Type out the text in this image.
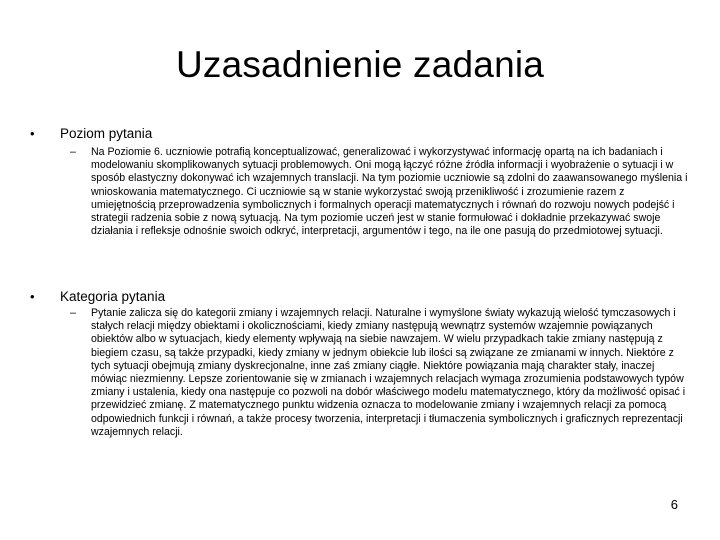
Uzasadnienie zadania
• Poziom pytania
– Na Poziomie 6. uczniowie potrafią konceptualizować, generalizować i wykorzystywać informację opartą na ich badaniach i modelowaniu skomplikowanych sytuacji problemowych. Oni mogą łączyć różne źródła informacji i wyobrażenie o sytuacji i w sposób elastyczny dokonywać ich wzajemnych translacji. Na tym poziomie uczniowie są zdolni do zaawansowanego myślenia i wnioskowania matematycznego. Ci uczniowie są w stanie wykorzystać swoją przenikliwość i zrozumienie razem z umiejętnością przeprowadzenia symbolicznych i formalnych operacji matematycznych i równań do rozwoju nowych podejść i strategii radzenia sobie z nową sytuacją. Na tym poziomie uczeń jest w stanie formułować i dokładnie przekazywać swoje działania i refleksje odnośnie swoich odkryć, interpretacji, argumentów i tego, na ile one pasują do przedmiotowej sytuacji.
• Kategoria pytania
– Pytanie zalicza się do kategorii zmiany i wzajemnych relacji. Naturalne i wymyślone światy wykazują wielość tymczasowych i stałych relacji między obiektami i okolicznościami, kiedy zmiany następują wewnątrz systemów wzajemnie powiązanych obiektów albo w sytuacjach, kiedy elementy wpływają na siebie nawzajem. W wielu przypadkach takie zmiany następują z biegiem czasu, są także przypadki, kiedy zmiany w jednym obiekcie lub ilości są związane ze zmianami w innych. Niektóre z tych sytuacji obejmują zmiany dyskrecjonalne, inne zaś zmiany ciągłe. Niektóre powiązania mają charakter stały, inaczej mówiąc niezmienny. Lepsze zorientowanie się w zmianach i wzajemnych relacjach wymaga zrozumienia podstawowych typów zmiany i ustalenia, kiedy ona następuje co pozwoli na dobór właściwego modelu matematycznego, który da możliwość opisać i przewidzieć zmianę. Z matematycznego punktu widzenia oznacza to modelowanie zmiany i wzajemnych relacji za pomocą odpowiednich funkcji i równań, a także procesy tworzenia, interpretacji i tłumaczenia symbolicznych i graficznych reprezentacji wzajemnych relacji.
6
